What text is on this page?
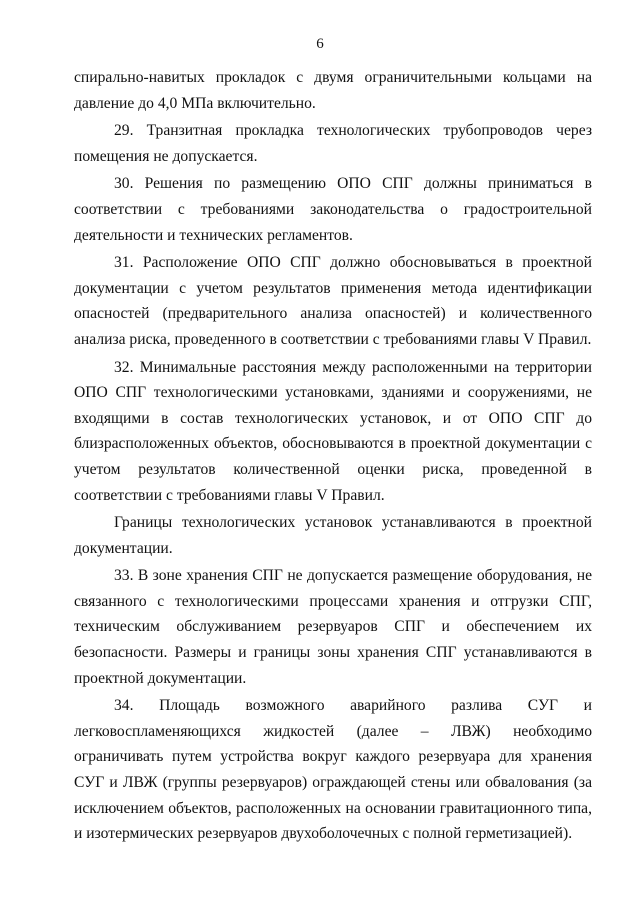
6

спирально-навитых прокладок с двумя ограничительными кольцами на давление до 4,0 МПа включительно.

29. Транзитная прокладка технологических трубопроводов через помещения не допускается.

30. Решения по размещению ОПО СПГ должны приниматься в соответствии с требованиями законодательства о градостроительной деятельности и технических регламентов.

31. Расположение ОПО СПГ должно обосновываться в проектной документации с учетом результатов применения метода идентификации опасностей (предварительного анализа опасностей) и количественного анализа риска, проведенного в соответствии с требованиями главы V Правил.

32. Минимальные расстояния между расположенными на территории ОПО СПГ технологическими установками, зданиями и сооружениями, не входящими в состав технологических установок, и от ОПО СПГ до близрасположенных объектов, обосновываются в проектной документации с учетом результатов количественной оценки риска, проведенной в соответствии с требованиями главы V Правил.

Границы технологических установок устанавливаются в проектной документации.

33. В зоне хранения СПГ не допускается размещение оборудования, не связанного с технологическими процессами хранения и отгрузки СПГ, техническим обслуживанием резервуаров СПГ и обеспечением их безопасности. Размеры и границы зоны хранения СПГ устанавливаются в проектной документации.

34. Площадь возможного аварийного разлива СУГ и легковоспламеняющихся жидкостей (далее – ЛВЖ) необходимо ограничивать путем устройства вокруг каждого резервуара для хранения СУГ и ЛВЖ (группы резервуаров) ограждающей стены или обвалования (за исключением объектов, расположенных на основании гравитационного типа, и изотермических резервуаров двухоболочечных с полной герметизацией).
